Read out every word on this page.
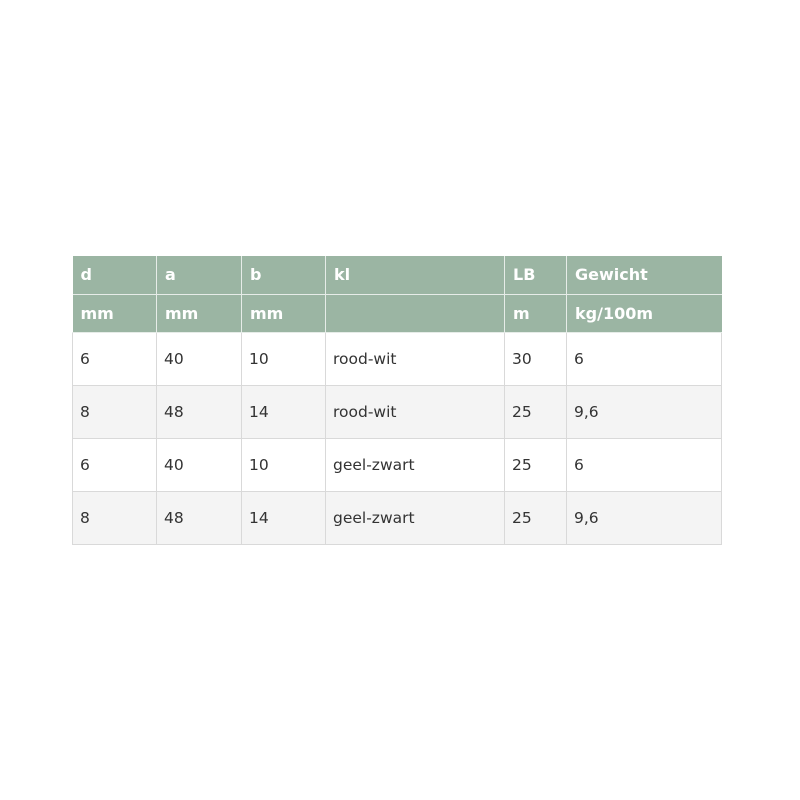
d	a	b	kl	LB	Gewicht
mm	mm	mm		m	kg/100m
6	40	10	rood-wit	30	6
8	48	14	rood-wit	25	9,6
6	40	10	geel-zwart	25	6
8	48	14	geel-zwart	25	9,6
